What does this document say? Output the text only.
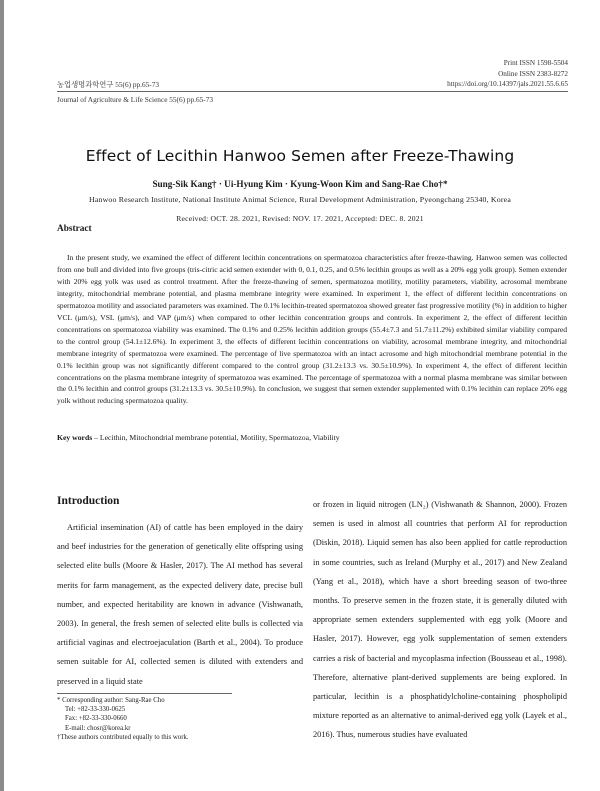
Print ISSN 1598-5504
Online ISSN 2383-8272
https://doi.org/10.14397/jals.2021.55.6.65
농업생명과학연구 55(6) pp.65-73
Journal of Agriculture & Life Science 55(6) pp.65-73
Effect of Lecithin Hanwoo Semen after Freeze-Thawing
Sung-Sik Kang† · Ui-Hyung Kim · Kyung-Woon Kim and Sang-Rae Cho†*
Hanwoo Research Institute, National Institute Animal Science, Rural Development Administration, Pyeongchang 25340, Korea
Received: OCT. 28. 2021, Revised: NOV. 17. 2021, Accepted: DEC. 8. 2021
Abstract

In the present study, we examined the effect of different lecithin concentrations on spermatozoa characteristics after freeze-thawing. Hanwoo semen was collected from one bull and divided into five groups (tris-citric acid semen extender with 0, 0.1, 0.25, and 0.5% lecithin groups as well as a 20% egg yolk group). Semen extender with 20% egg yolk was used as control treatment. After the freeze-thawing of semen, spermatozoa motility, motility parameters, viability, acrosomal membrane integrity, mitochondrial membrane potential, and plasma membrane integrity were examined. In experiment 1, the effect of different lecithin concentrations on spermatozoa motility and associated parameters was examined. The 0.1% lecithin-treated spermatozoa showed greater fast progressive motility (%) in addition to higher VCL (μm/s), VSL (μm/s), and VAP (μm/s) when compared to other lecithin concentration groups and controls. In experiment 2, the effect of different lecithin concentrations on spermatozoa viability was examined. The 0.1% and 0.25% lecithin addition groups (55.4±7.3 and 51.7±11.2%) exhibited similar viability compared to the control group (54.1±12.6%). In experiment 3, the effects of different lecithin concentrations on viability, acrosomal membrane integrity, and mitochondrial membrane integrity of spermatozoa were examined. The percentage of live spermatozoa with an intact acrosome and high mitochondrial membrane potential in the 0.1% lecithin group was not significantly different compared to the control group (31.2±13.3 vs. 30.5±10.9%). In experiment 4, the effect of different lecithin concentrations on the plasma membrane integrity of spermatozoa was examined. The percentage of spermatozoa with a normal plasma membrane was similar between the 0.1% lecithin and control groups (31.2±13.3 vs. 30.5±10.9%). In conclusion, we suggest that semen extender supplemented with 0.1% lecithin can replace 20% egg yolk without reducing spermatozoa quality.

Key words – Lecithin, Mitochondrial membrane potential, Motility, Spermatozoa, Viability
Introduction

Artificial insemination (AI) of cattle has been employed in the dairy and beef industries for the generation of genetically elite offspring using selected elite bulls (Moore & Hasler, 2017). The AI method has several merits for farm management, as the expected delivery date, precise bull number, and expected heritability are known in advance (Vishwanath, 2003). In general, the fresh semen of selected elite bulls is collected via artificial vaginas and electroejaculation (Barth et al., 2004). To produce semen suitable for AI, collected semen is diluted with extenders and preserved in a liquid state

or frozen in liquid nitrogen (LN₂) (Vishwanath & Shannon, 2000). Frozen semen is used in almost all countries that perform AI for reproduction (Diskin, 2018). Liquid semen has also been applied for cattle reproduction in some countries, such as Ireland (Murphy et al., 2017) and New Zealand (Yang et al., 2018), which have a short breeding season of two-three months. To preserve semen in the frozen state, it is generally diluted with appropriate semen extenders supplemented with egg yolk (Moore and Hasler, 2017). However, egg yolk supplementation of semen extenders carries a risk of bacterial and mycoplasma infection (Bousseau et al., 1998). Therefore, alternative plant-derived supplements are being explored. In particular, lecithin is a phosphatidylcholine-containing phospholipid mixture reported as an alternative to animal-derived egg yolk (Layek et al., 2016). Thus, numerous studies have evaluated

* Corresponding author: Sang-Rae Cho
Tel: +82-33-330-0625
Fax: +82-33-330-0660
E-mail: chosr@korea.kr
†These authors contributed equally to this work.
